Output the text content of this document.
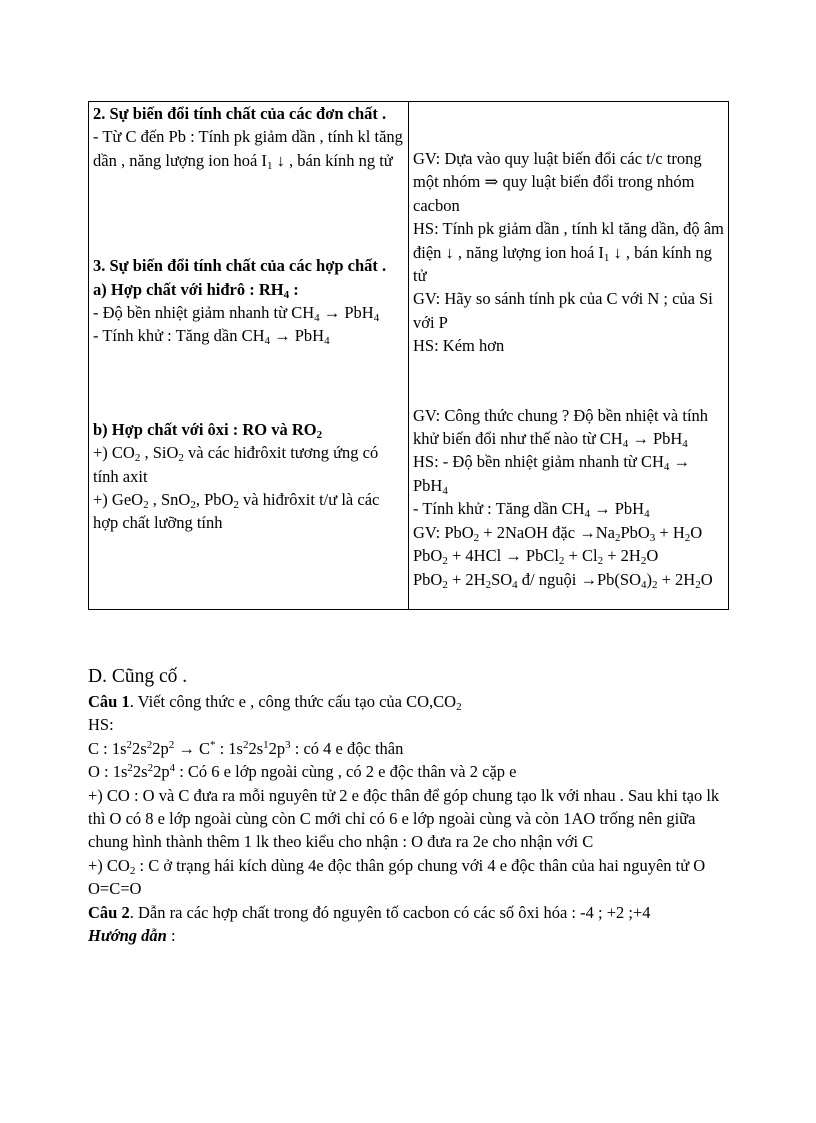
2. Sự biến đổi tính chất của các đơn chất .
- Từ C đến Pb : Tính pk giảm dần , tính kl tăng dần , năng lượng ion hoá $I_1$ ↓ , bán kính ng tử
3. Sự biến đổi tính chất của các hợp chất .
a) Hợp chất với hiđrô : $RH_4$ :
- Độ bền nhiệt giảm nhanh từ $CH_4 \to PbH_4$
- Tính khử : Tăng dần $CH_4 \to PbH_4$
b) Hợp chất với ôxi : RO và $RO_2$
+) $CO_2$ , SiO$_2$ và các hiđrôxit tương ứng có tính axit
+) GeO$_2$ , SnO$_2$, PbO$_2$ và hiđrôxit t/ư là các hợp chất lưỡng tính

GV: Dựa vào quy luật biến đổi các t/c trong một nhóm ⇒ quy luật biến đổi trong nhóm cacbon
HS: Tính pk giảm dần , tính kl tăng dần, độ âm điện ↓ , năng lượng ion hoá $I_1$ ↓ , bán kính ng tử
GV: Hãy so sánh tính pk của C với N ; của Si với P
HS: Kém hơn
GV: Công thức chung ? Độ bền nhiệt và tính khử biến đổi như thế nào từ $CH_4 \to PbH_4$
HS: - Độ bền nhiệt giảm nhanh từ $CH_4 \to PbH_4$
- Tính khử : Tăng dần $CH_4 \to PbH_4$
GV: PbO$_2$ + 2NaOH đặc $\to Na_2PbO_3 + H_2O$
PbO$_2$ + 4HCl → PbCl$_2$ + $Cl_2 + 2H_2O$
$PbO_2 + 2H_2SO_4$ đ/ nguội $\to Pb(SO_4)_2 + 2H_2O$
D. Cũng cố .

Câu 1. Viết công thức e , công thức cấu tạo của $CO,CO_2$

HS:

C : $1s^22s^22p^2 \to C^*$ : $1s^22s^12p^3$ : có 4 e độc thân

O : $1s^22s^22p^4$ : Có 6 e lớp ngoài cùng , có 2 e độc thân và 2 cặp e

+) CO : O và C đưa ra mỗi nguyên tử 2 e độc thân để góp chung tạo lk với nhau . Sau khi tạo lk thì O có 8 e lớp ngoài cùng còn C mới chỉ có 6 e lớp ngoài cùng và còn 1AO trống nên giữa chung hình thành thêm 1 lk theo kiểu cho nhận : O đưa ra 2e cho nhận với C

+) $CO_2$ : C ở trạng hái kích dùng 4e độc thân góp chung với 4 e độc thân của hai nguyên tử O

O=C=O

Câu 2. Dẫn ra các hợp chất trong đó nguyên tố cacbon có các số ôxi hóa : -4 ; +2 ;+4

Hướng dẫn :
